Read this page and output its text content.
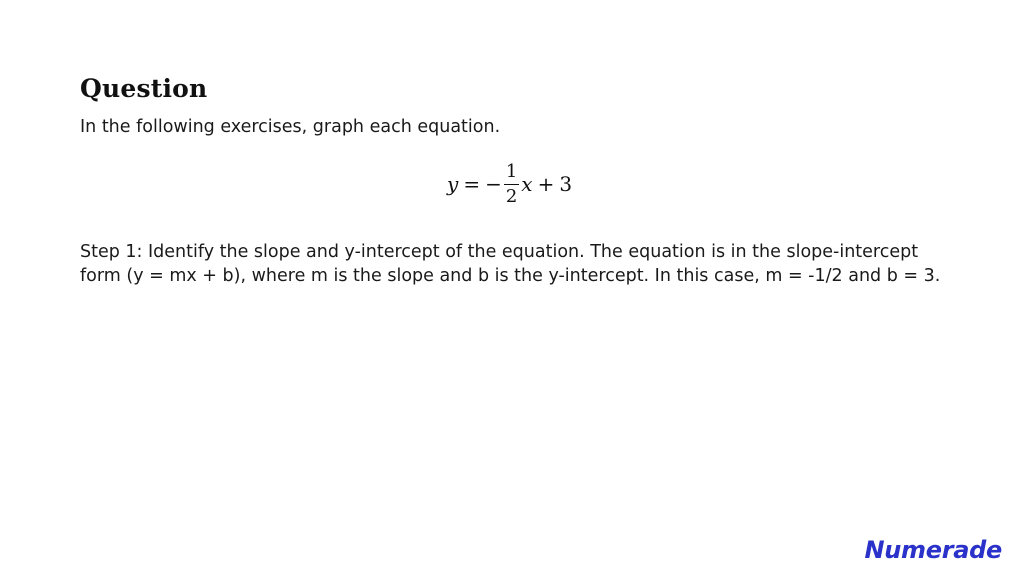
Question
In the following exercises, graph each equation.
y = − $\frac{1}{2}$ x + 3
Step 1: Identify the slope and y-intercept of the equation. The equation is in the slope-intercept form (y = mx + b), where m is the slope and b is the y-intercept. In this case, m = -1/2 and b = 3.
Numerade
